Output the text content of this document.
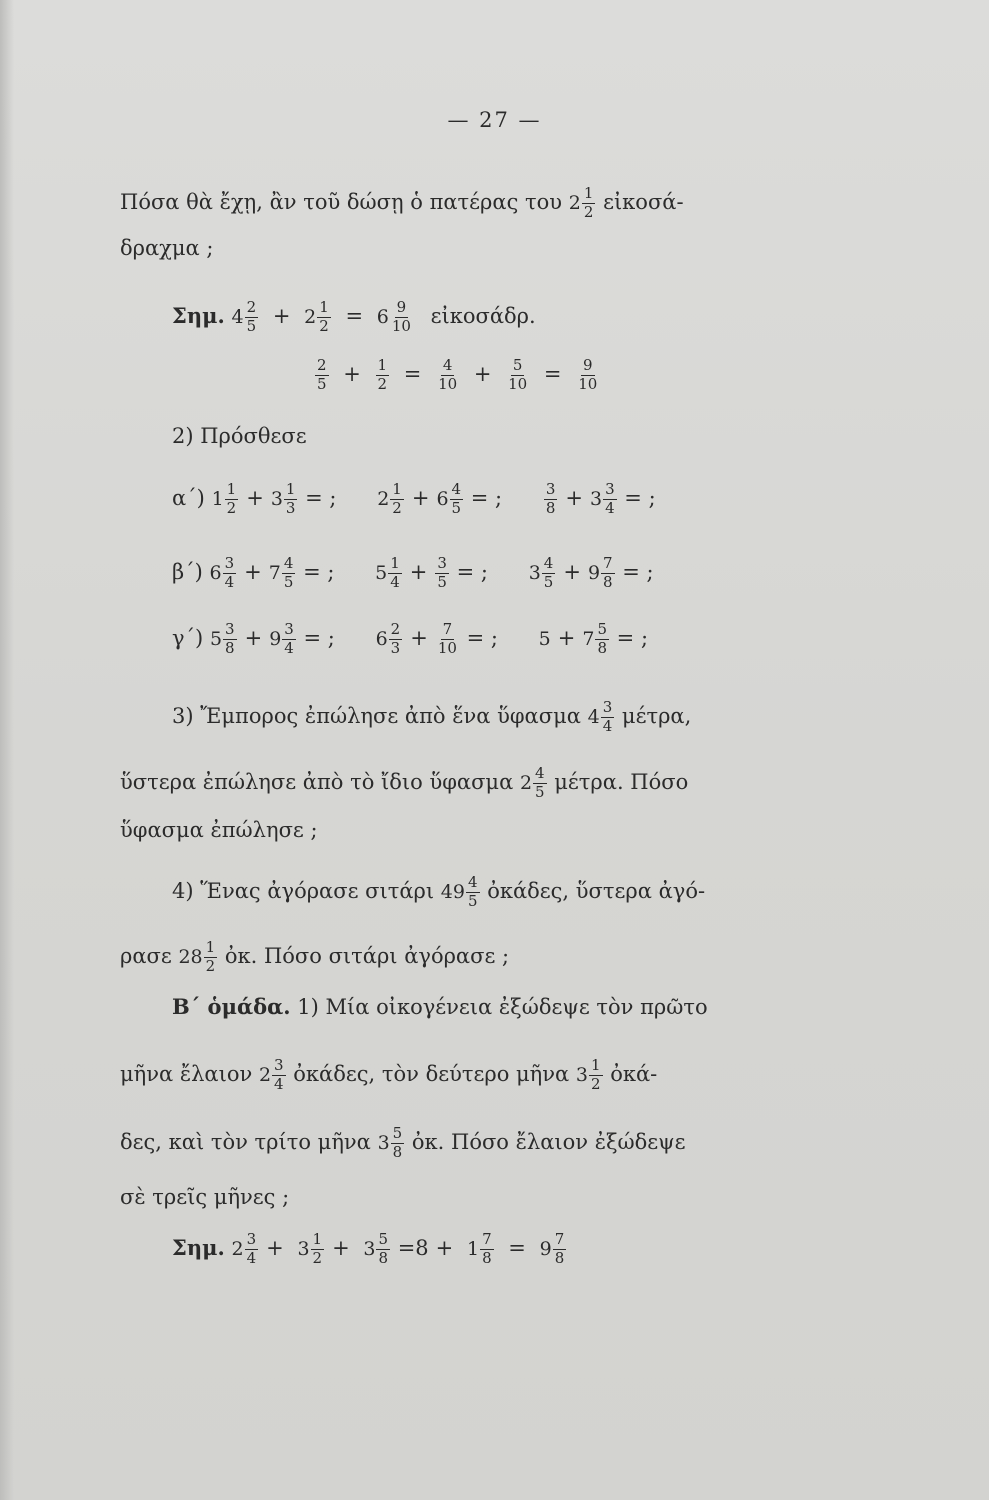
— 27 —
Πόσα θὰ ἔχῃ, ἂν τοῦ δώσῃ ὁ πατέρας του $2 \frac{1}{2}$ εἰκοσά-
δραχμα ;
Σημ. $4 \frac{2}{5} + 2 \frac{1}{2} = 6 \frac{9}{10}$ εἰκοσάδρ.
$\frac{2}{5} + \frac{1}{2} = \frac{4}{10} + \frac{5}{10} = \frac{9}{10}$
2) Πρόσθεσε
α΄) $1 \frac{1}{2} + 3 \frac{1}{3}$ = ; $2 \frac{1}{2} + 6 \frac{4}{5}$ = ;	$\frac{3}{8} + 3 \frac{3}{4}$ = ;
β΄) $6 \frac{3}{4} + 7 \frac{4}{5}$ = ; $5 \frac{1}{4} + \frac{3}{5}$ = ; $3 \frac{4}{5} + 9 \frac{7}{8}$ = ;
γ΄) $5 \frac{3}{8} + 9 \frac{3}{4}$ = ; $6 \frac{2}{3} + \frac{7}{10}$ = ; $5 + 7 \frac{5}{8}$ = ;
3) Ἔμπορος ἐπώλησε ἀπὸ ἕνα ὕφασμα $4 \frac{3}{4} \mu έ\tau\rho\alpha$,
ὕστερα ἐπώλησε ἀπὸ τὸ ἴδιο ὕφασμα $2 \frac{4}{5} \mu έ\tau\rho\alpha$. Πόσο
ὕφασμα ἐπώλησε ;
4) Ἕνας ἀγόρασε σιτάρι $49 \frac{4}{5}$ ὀκάδες, ὕστερα ἀγό-
ρασε $28 \frac{1}{2}$ ὀκ. Πόσο σιτάρι ἀγόρασε ;
Β΄ ὁμάδα. 1) Μία οἰκογένεια ἐξώδεψε τὸν πρῶτο
μῆνα ἔλαιον $2 \frac{3}{4}$ ὀκάδες, τὸν δεύτερο μῆνα $3 \frac{1}{2}$ ὀκά-
δες, καὶ τὸν τρίτο μῆνα $3 \frac{5}{8}$ ὀκ. Πόσο ἔλαιον ἐξώδεψε
σὲ τρεῖς μῆνες ;
Σημ. $2 \frac{3}{4} + 3 \frac{1}{2} + 3 \frac{5}{8} =8 + 1 \frac{7}{8} = 9 \frac{7}{8}$
